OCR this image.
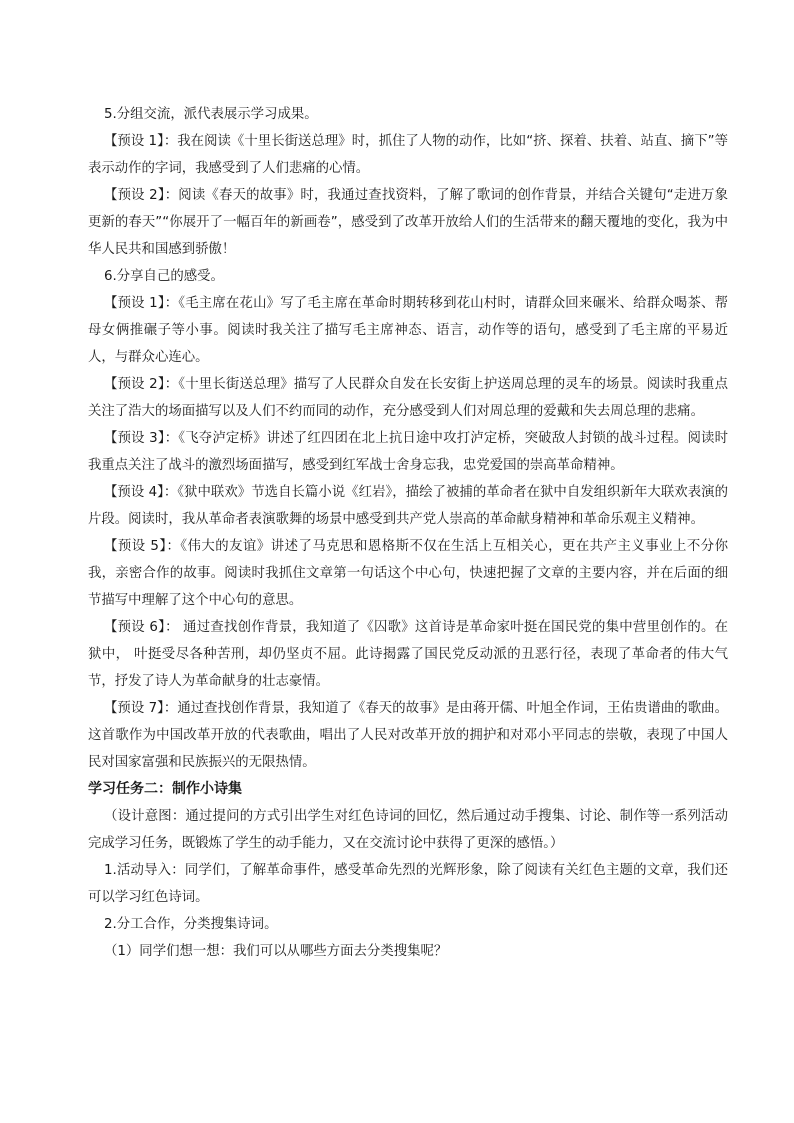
5.分组交流，派代表展示学习成果。

【预设 1】：我在阅读《十里长街送总理》时，抓住了人物的动作，比如“挤、探着、扶着、站直、摘下”等表示动作的字词，我感受到了人们悲痛的心情。

【预设 2】：阅读《春天的故事》时，我通过查找资料，了解了歌词的创作背景，并结合关键句“走进万象更新的春天”“你展开了一幅百年的新画卷”，感受到了改革开放给人们的生活带来的翻天覆地的变化，我为中华人民共和国感到骄傲！

6.分享自己的感受。

【预设 1】：《毛主席在花山》写了毛主席在革命时期转移到花山村时，请群众回来碾米、给群众喝茶、帮母女俩推碾子等小事。阅读时我关注了描写毛主席神态、语言，动作等的语句，感受到了毛主席的平易近人，与群众心连心。

【预设 2】：《十里长街送总理》描写了人民群众自发在长安街上护送周总理的灵车的场景。阅读时我重点关注了浩大的场面描写以及人们不约而同的动作，充分感受到人们对周总理的爱戴和失去周总理的悲痛。

【预设 3】：《飞夺泸定桥》讲述了红四团在北上抗日途中攻打泸定桥，突破敌人封锁的战斗过程。阅读时我重点关注了战斗的激烈场面描写，感受到红军战士舍身忘我，忠党爱国的崇高革命精神。

【预设 4】：《狱中联欢》节选自长篇小说《红岩》，描绘了被捕的革命者在狱中自发组织新年大联欢表演的片段。阅读时，我从革命者表演歌舞的场景中感受到共产党人崇高的革命献身精神和革命乐观主义精神。

【预设 5】：《伟大的友谊》讲述了马克思和恩格斯不仅在生活上互相关心，更在共产主义事业上不分你我，亲密合作的故事。阅读时我抓住文章第一句话这个中心句，快速把握了文章的主要内容，并在后面的细节描写中理解了这个中心句的意思。

【预设 6】： 通过查找创作背景，我知道了《囚歌》这首诗是革命家叶挺在国民党的集中营里创作的。在狱中， 叶挺受尽各种苦刑，却仍坚贞不屈。此诗揭露了国民党反动派的丑恶行径，表现了革命者的伟大气节，抒发了诗人为革命献身的壮志豪情。

【预设 7】：通过查找创作背景，我知道了《春天的故事》是由蒋开儒、叶旭全作词，王佑贵谱曲的歌曲。这首歌作为中国改革开放的代表歌曲，唱出了人民对改革开放的拥护和对邓小平同志的崇敬，表现了中国人民对国家富强和民族振兴的无限热情。

学习任务二：制作小诗集

（设计意图：通过提问的方式引出学生对红色诗词的回忆，然后通过动手搜集、讨论、制作等一系列活动完成学习任务，既锻炼了学生的动手能力，又在交流讨论中获得了更深的感悟。）

1.活动导入：同学们，了解革命事件，感受革命先烈的光辉形象，除了阅读有关红色主题的文章，我们还可以学习红色诗词。

2.分工合作，分类搜集诗词。

（1）同学们想一想：我们可以从哪些方面去分类搜集呢？
